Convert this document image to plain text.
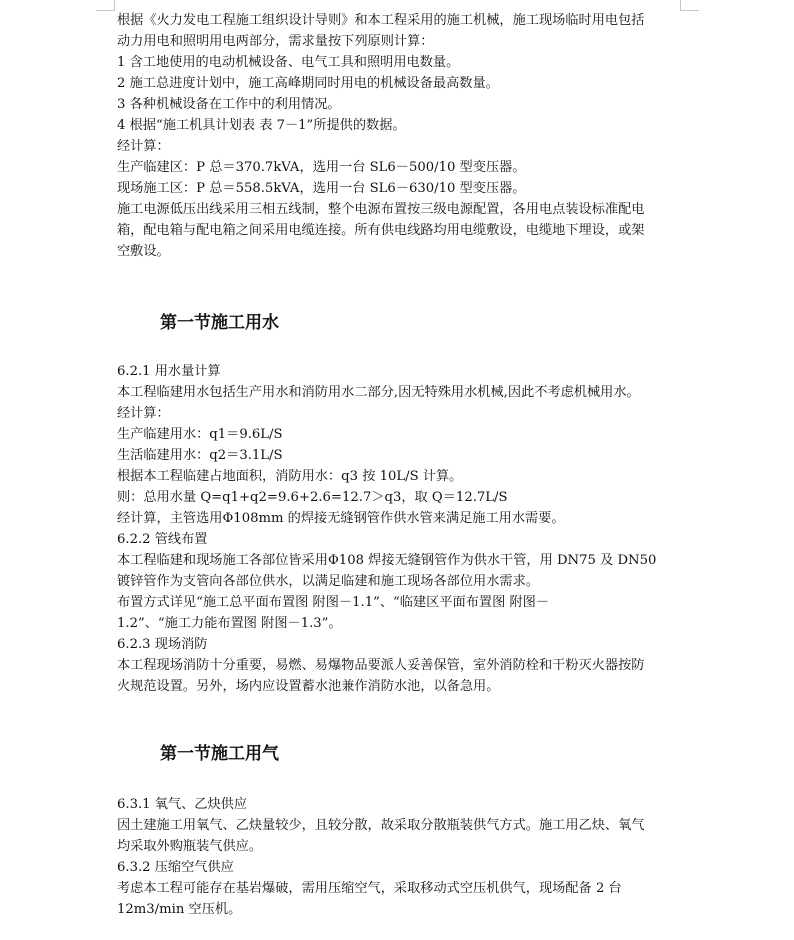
根据《火力发电工程施工组织设计导则》和本工程采用的施工机械，施工现场临时用电包括
动力用电和照明用电两部分，需求量按下列原则计算：
1 含工地使用的电动机械设备、电气工具和照明用电数量。
2 施工总进度计划中，施工高峰期同时用电的机械设备最高数量。
3 各种机械设备在工作中的利用情况。
4 根据“施工机具计划表 表 7－1”所提供的数据。
经计算：
生产临建区：P 总＝370.7kVA，选用一台 SL6－500/10 型变压器。
现场施工区：P 总＝558.5kVA，选用一台 SL6－630/10 型变压器。
施工电源低压出线采用三相五线制，整个电源布置按三级电源配置，各用电点装设标准配电
箱，配电箱与配电箱之间采用电缆连接。所有供电线路均用电缆敷设，电缆地下埋设，或架
空敷设。
第一节施工用水
6.2.1 用水量计算
本工程临建用水包括生产用水和消防用水二部分,因无特殊用水机械,因此不考虑机械用水。
经计算：
生产临建用水：q1＝9.6L/S
生活临建用水：q2＝3.1L/S
根据本工程临建占地面积，消防用水：q3 按 10L/S 计算。
则：总用水量 Q=q1+q2=9.6+2.6=12.7＞q3，取 Q＝12.7L/S
经计算，主管选用Φ108mm 的焊接无缝钢管作供水管来满足施工用水需要。
6.2.2 管线布置
本工程临建和现场施工各部位皆采用Φ108 焊接无缝钢管作为供水干管，用 DN75 及 DN50
镀锌管作为支管向各部位供水，以满足临建和施工现场各部位用水需求。
布置方式详见“施工总平面布置图 附图－1.1”、“临建区平面布置图 附图－
1.2”、“施工力能布置图 附图－1.3”。
6.2.3 现场消防
本工程现场消防十分重要，易燃、易爆物品要派人妥善保管，室外消防栓和干粉灭火器按防
火规范设置。另外，场内应设置蓄水池兼作消防水池，以备急用。
第一节施工用气
6.3.1 氧气、乙炔供应
因土建施工用氧气、乙炔量较少，且较分散，故采取分散瓶装供气方式。施工用乙炔、氧气
均采取外购瓶装气供应。
6.3.2 压缩空气供应
考虑本工程可能存在基岩爆破，需用压缩空气，采取移动式空压机供气，现场配备 2 台
12m3/min 空压机。
